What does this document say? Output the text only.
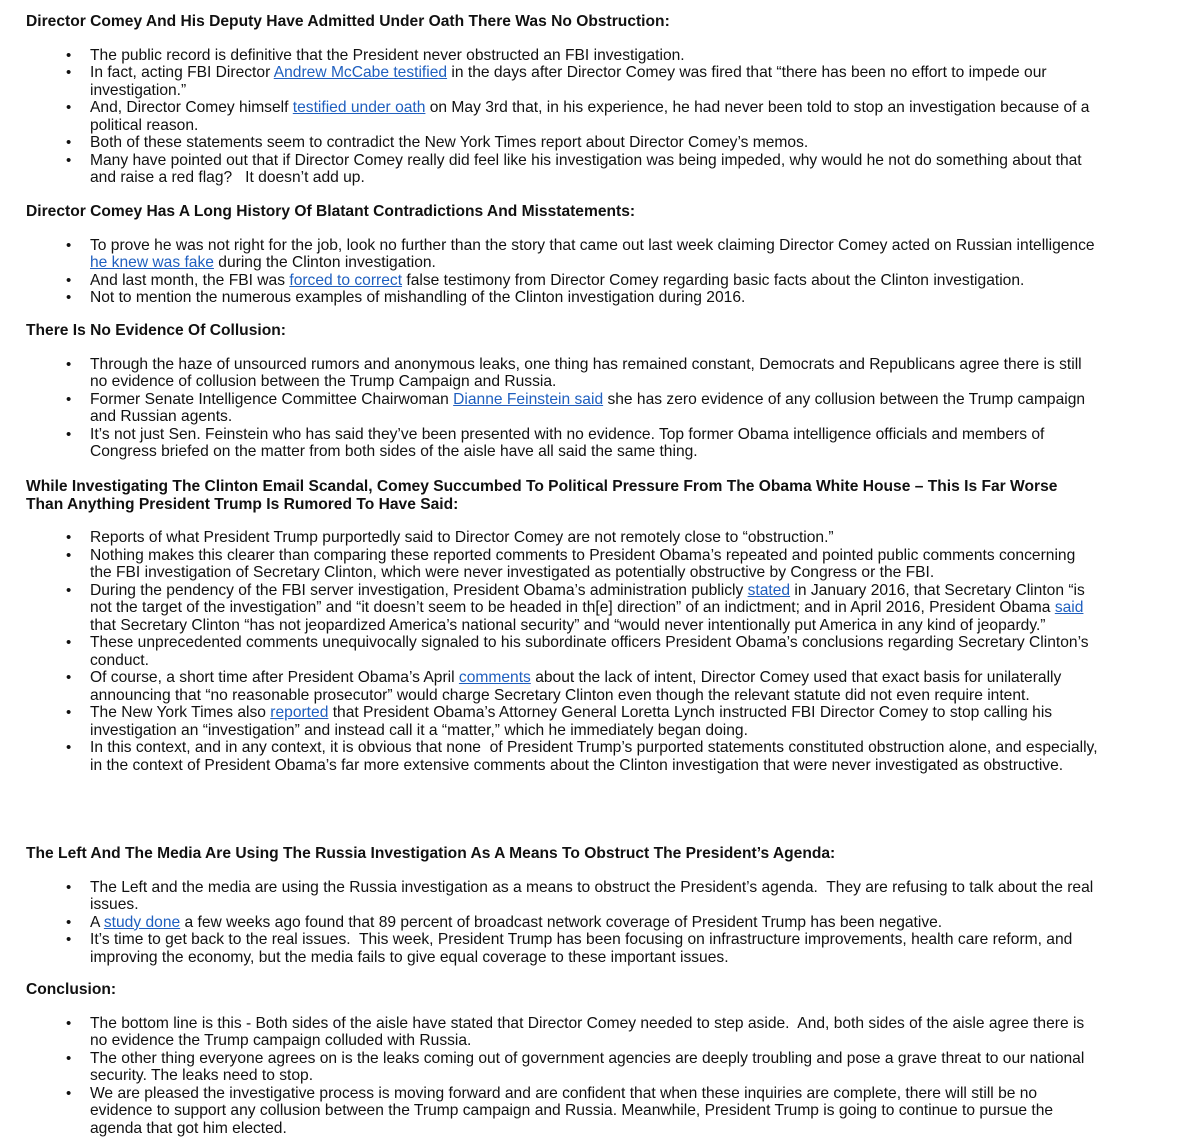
Director Comey And His Deputy Have Admitted Under Oath There Was No Obstruction:
• The public record is definitive that the President never obstructed an FBI investigation.
• In fact, acting FBI Director Andrew McCabe testified in the days after Director Comey was fired that “there has been no effort to impede our investigation.”
• And, Director Comey himself testified under oath on May 3rd that, in his experience, he had never been told to stop an investigation because of a political reason.
• Both of these statements seem to contradict the New York Times report about Director Comey’s memos.
• Many have pointed out that if Director Comey really did feel like his investigation was being impeded, why would he not do something about that and raise a red flag?   It doesn’t add up.
Director Comey Has A Long History Of Blatant Contradictions And Misstatements:
• To prove he was not right for the job, look no further than the story that came out last week claiming Director Comey acted on Russian intelligence he knew was fake during the Clinton investigation.
• And last month, the FBI was forced to correct false testimony from Director Comey regarding basic facts about the Clinton investigation.
• Not to mention the numerous examples of mishandling of the Clinton investigation during 2016.
There Is No Evidence Of Collusion:
• Through the haze of unsourced rumors and anonymous leaks, one thing has remained constant, Democrats and Republicans agree there is still no evidence of collusion between the Trump Campaign and Russia.
• Former Senate Intelligence Committee Chairwoman Dianne Feinstein said she has zero evidence of any collusion between the Trump campaign and Russian agents.
• It’s not just Sen. Feinstein who has said they’ve been presented with no evidence. Top former Obama intelligence officials and members of Congress briefed on the matter from both sides of the aisle have all said the same thing.
While Investigating The Clinton Email Scandal, Comey Succumbed To Political Pressure From The Obama White House – This Is Far Worse Than Anything President Trump Is Rumored To Have Said:
• Reports of what President Trump purportedly said to Director Comey are not remotely close to “obstruction.”
• Nothing makes this clearer than comparing these reported comments to President Obama’s repeated and pointed public comments concerning the FBI investigation of Secretary Clinton, which were never investigated as potentially obstructive by Congress or the FBI.
• During the pendency of the FBI server investigation, President Obama’s administration publicly stated in January 2016, that Secretary Clinton “is not the target of the investigation” and “it doesn’t seem to be headed in th[e] direction” of an indictment; and in April 2016, President Obama said that Secretary Clinton “has not jeopardized America’s national security” and “would never intentionally put America in any kind of jeopardy.”
• These unprecedented comments unequivocally signaled to his subordinate officers President Obama’s conclusions regarding Secretary Clinton’s conduct.
• Of course, a short time after President Obama’s April comments about the lack of intent, Director Comey used that exact basis for unilaterally announcing that “no reasonable prosecutor” would charge Secretary Clinton even though the relevant statute did not even require intent.
• The New York Times also reported that President Obama’s Attorney General Loretta Lynch instructed FBI Director Comey to stop calling his investigation an “investigation” and instead call it a “matter,” which he immediately began doing.
• In this context, and in any context, it is obvious that none  of President Trump’s purported statements constituted obstruction alone, and especially, in the context of President Obama’s far more extensive comments about the Clinton investigation that were never investigated as obstructive.
The Left And The Media Are Using The Russia Investigation As A Means To Obstruct The President’s Agenda:
• The Left and the media are using the Russia investigation as a means to obstruct the President’s agenda.  They are refusing to talk about the real issues.
• A study done a few weeks ago found that 89 percent of broadcast network coverage of President Trump has been negative.
• It’s time to get back to the real issues.  This week, President Trump has been focusing on infrastructure improvements, health care reform, and improving the economy, but the media fails to give equal coverage to these important issues.
Conclusion:
• The bottom line is this - Both sides of the aisle have stated that Director Comey needed to step aside.  And, both sides of the aisle agree there is no evidence the Trump campaign colluded with Russia.
• The other thing everyone agrees on is the leaks coming out of government agencies are deeply troubling and pose a grave threat to our national security. The leaks need to stop.
• We are pleased the investigative process is moving forward and are confident that when these inquiries are complete, there will still be no evidence to support any collusion between the Trump campaign and Russia. Meanwhile, President Trump is going to continue to pursue the agenda that got him elected.
